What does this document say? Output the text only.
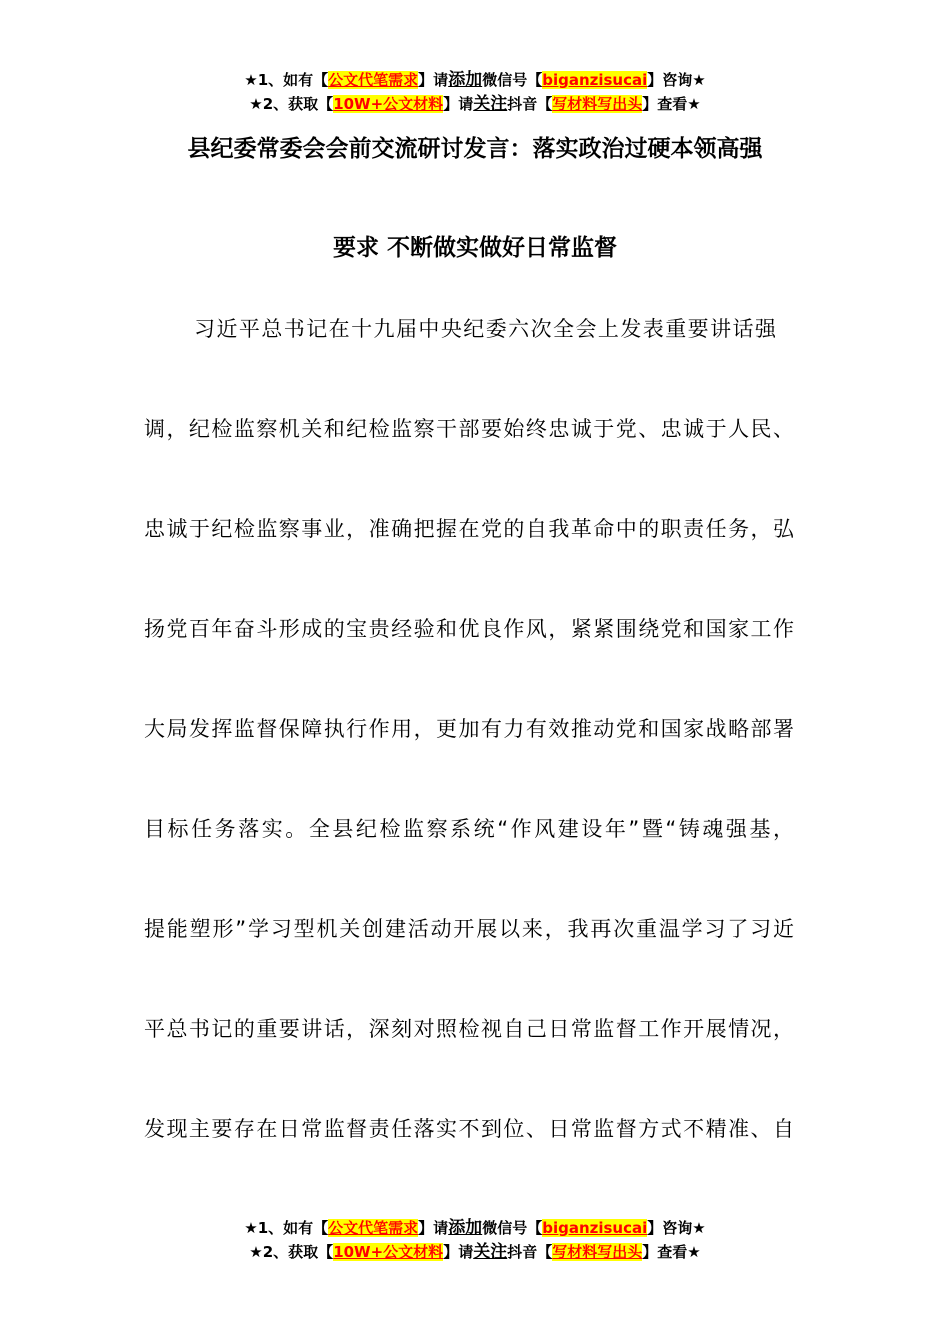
★1、如有【公文代笔需求】请添加微信号【biganzisucai】咨询★
★2、获取【10W+公文材料】请关注抖音【写材料写出头】查看★
县纪委常委会会前交流研讨发言：落实政治过硬本领高强
要求 不断做实做好日常监督
习近平总书记在十九届中央纪委六次全会上发表重要讲话强
调，纪检监察机关和纪检监察干部要始终忠诚于党、忠诚于人民、
忠诚于纪检监察事业，准确把握在党的自我革命中的职责任务，弘
扬党百年奋斗形成的宝贵经验和优良作风，紧紧围绕党和国家工作
大局发挥监督保障执行作用，更加有力有效推动党和国家战略部署
目标任务落实。全县纪检监察系统“作风建设年”暨“铸魂强基，
提能塑形”学习型机关创建活动开展以来，我再次重温学习了习近
平总书记的重要讲话，深刻对照检视自己日常监督工作开展情况，
发现主要存在日常监督责任落实不到位、日常监督方式不精准、自
★1、如有【公文代笔需求】请添加微信号【biganzisucai】咨询★
★2、获取【10W+公文材料】请关注抖音【写材料写出头】查看★
